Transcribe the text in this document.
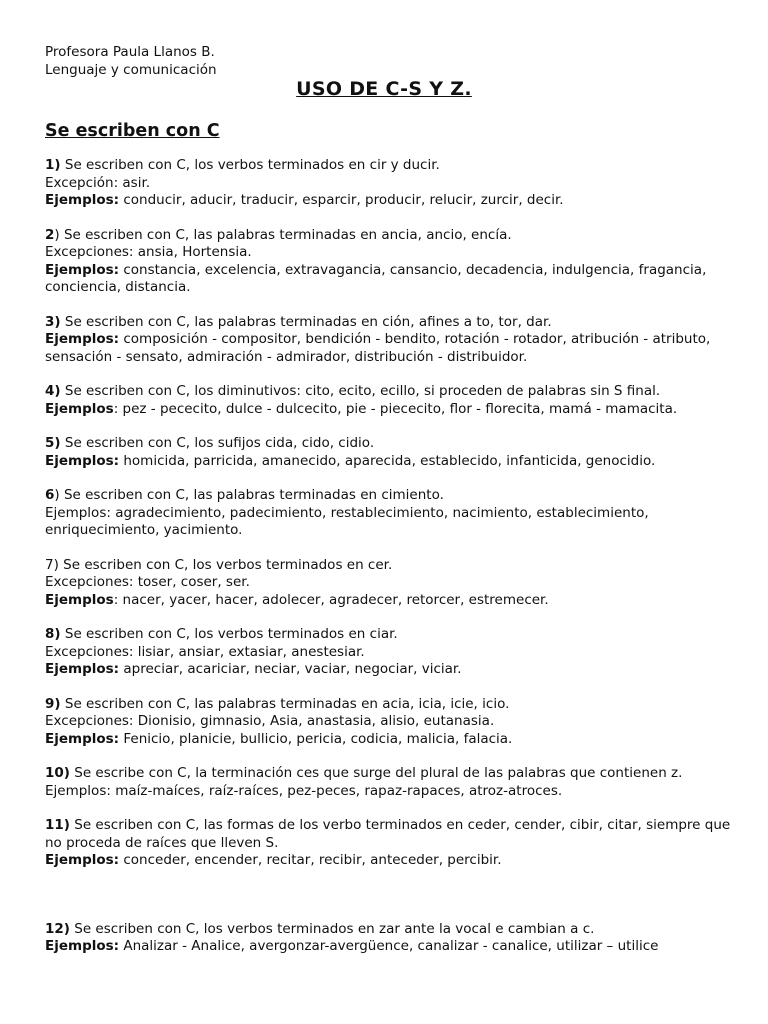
Profesora Paula Llanos B.
Lenguaje y comunicación
USO DE C-S Y Z.
Se escriben con C
1) Se escriben con C, los verbos terminados en cir y ducir.
Excepción: asir.
Ejemplos: conducir, aducir, traducir, esparcir, producir, relucir, zurcir, decir.
2) Se escriben con C, las palabras terminadas en ancia, ancio, encía.
Excepciones: ansia, Hortensia.
Ejemplos: constancia, excelencia, extravagancia, cansancio, decadencia, indulgencia, fragancia, conciencia, distancia.
3) Se escriben con C, las palabras terminadas en ción, afines a to, tor, dar.
Ejemplos: composición - compositor, bendición - bendito, rotación - rotador, atribución - atributo, sensación - sensato, admiración - admirador, distribución - distribuidor.
4) Se escriben con C, los diminutivos: cito, ecito, ecillo, si proceden de palabras sin S final.
Ejemplos: pez - pececito, dulce - dulcecito, pie - piececito, flor - florecita, mamá - mamacita.
5) Se escriben con C, los sufijos cida, cido, cidio.
Ejemplos: homicida, parricida, amanecido, aparecida, establecido, infanticida, genocidio.
6) Se escriben con C, las palabras terminadas en cimiento.
Ejemplos: agradecimiento, padecimiento, restablecimiento, nacimiento, establecimiento, enriquecimiento, yacimiento.
7) Se escriben con C, los verbos terminados en cer.
Excepciones: toser, coser, ser.
Ejemplos: nacer, yacer, hacer, adolecer, agradecer, retorcer, estremecer.
8) Se escriben con C, los verbos terminados en ciar.
Excepciones: lisiar, ansiar, extasiar, anestesiar.
Ejemplos: apreciar, acariciar, neciar, vaciar, negociar, viciar.
9) Se escriben con C, las palabras terminadas en acia, icia, icie, icio.
Excepciones: Dionisio, gimnasio, Asia, anastasia, alisio, eutanasia.
Ejemplos: Fenicio, planicie, bullicio, pericia, codicia, malicia, falacia.
10) Se escribe con C, la terminación ces que surge del plural de las palabras que contienen z.
Ejemplos: maíz-maíces, raíz-raíces, pez-peces, rapaz-rapaces, atroz-atroces.
11) Se escriben con C, las formas de los verbo terminados en ceder, cender, cibir, citar, siempre que no proceda de raíces que lleven S.
Ejemplos: conceder, encender, recitar, recibir, anteceder, percibir.
12) Se escriben con C, los verbos terminados en zar ante la vocal e cambian a c.
Ejemplos: Analizar - Analice, avergonzar-avergüence, canalizar - canalice, utilizar – utilice
